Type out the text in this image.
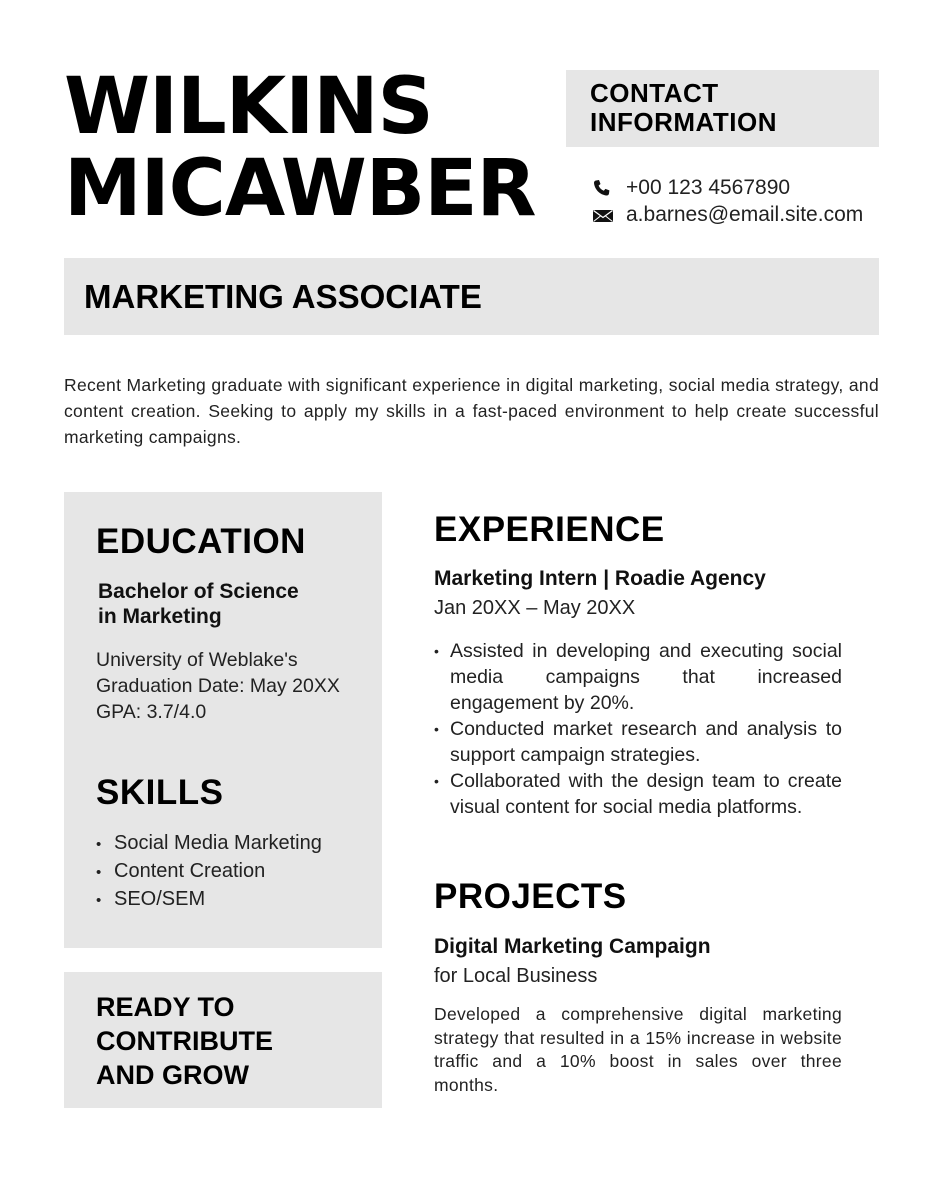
WILKINS
MICAWBER
CONTACT
INFORMATION
+00 123 4567890
a.barnes@email.site.com
MARKETING ASSOCIATE
Recent Marketing graduate with significant experience in digital marketing, social media strategy, and content creation. Seeking to apply my skills in a fast-paced environment to help create successful marketing campaigns.
EDUCATION
Bachelor of Science
in Marketing
University of Weblake's
Graduation Date: May 20XX
GPA: 3.7/4.0
SKILLS
• Social Media Marketing
• Content Creation
• SEO/SEM
READY TO
CONTRIBUTE
AND GROW
EXPERIENCE
Marketing Intern | Roadie Agency
Jan 20XX – May 20XX
• Assisted in developing and executing social media campaigns that increased engagement by 20%.
• Conducted market research and analysis to support campaign strategies.
• Collaborated with the design team to create visual content for social media platforms.
PROJECTS
Digital Marketing Campaign
for Local Business
Developed a comprehensive digital marketing strategy that resulted in a 15% increase in website traffic and a 10% boost in sales over three months.
